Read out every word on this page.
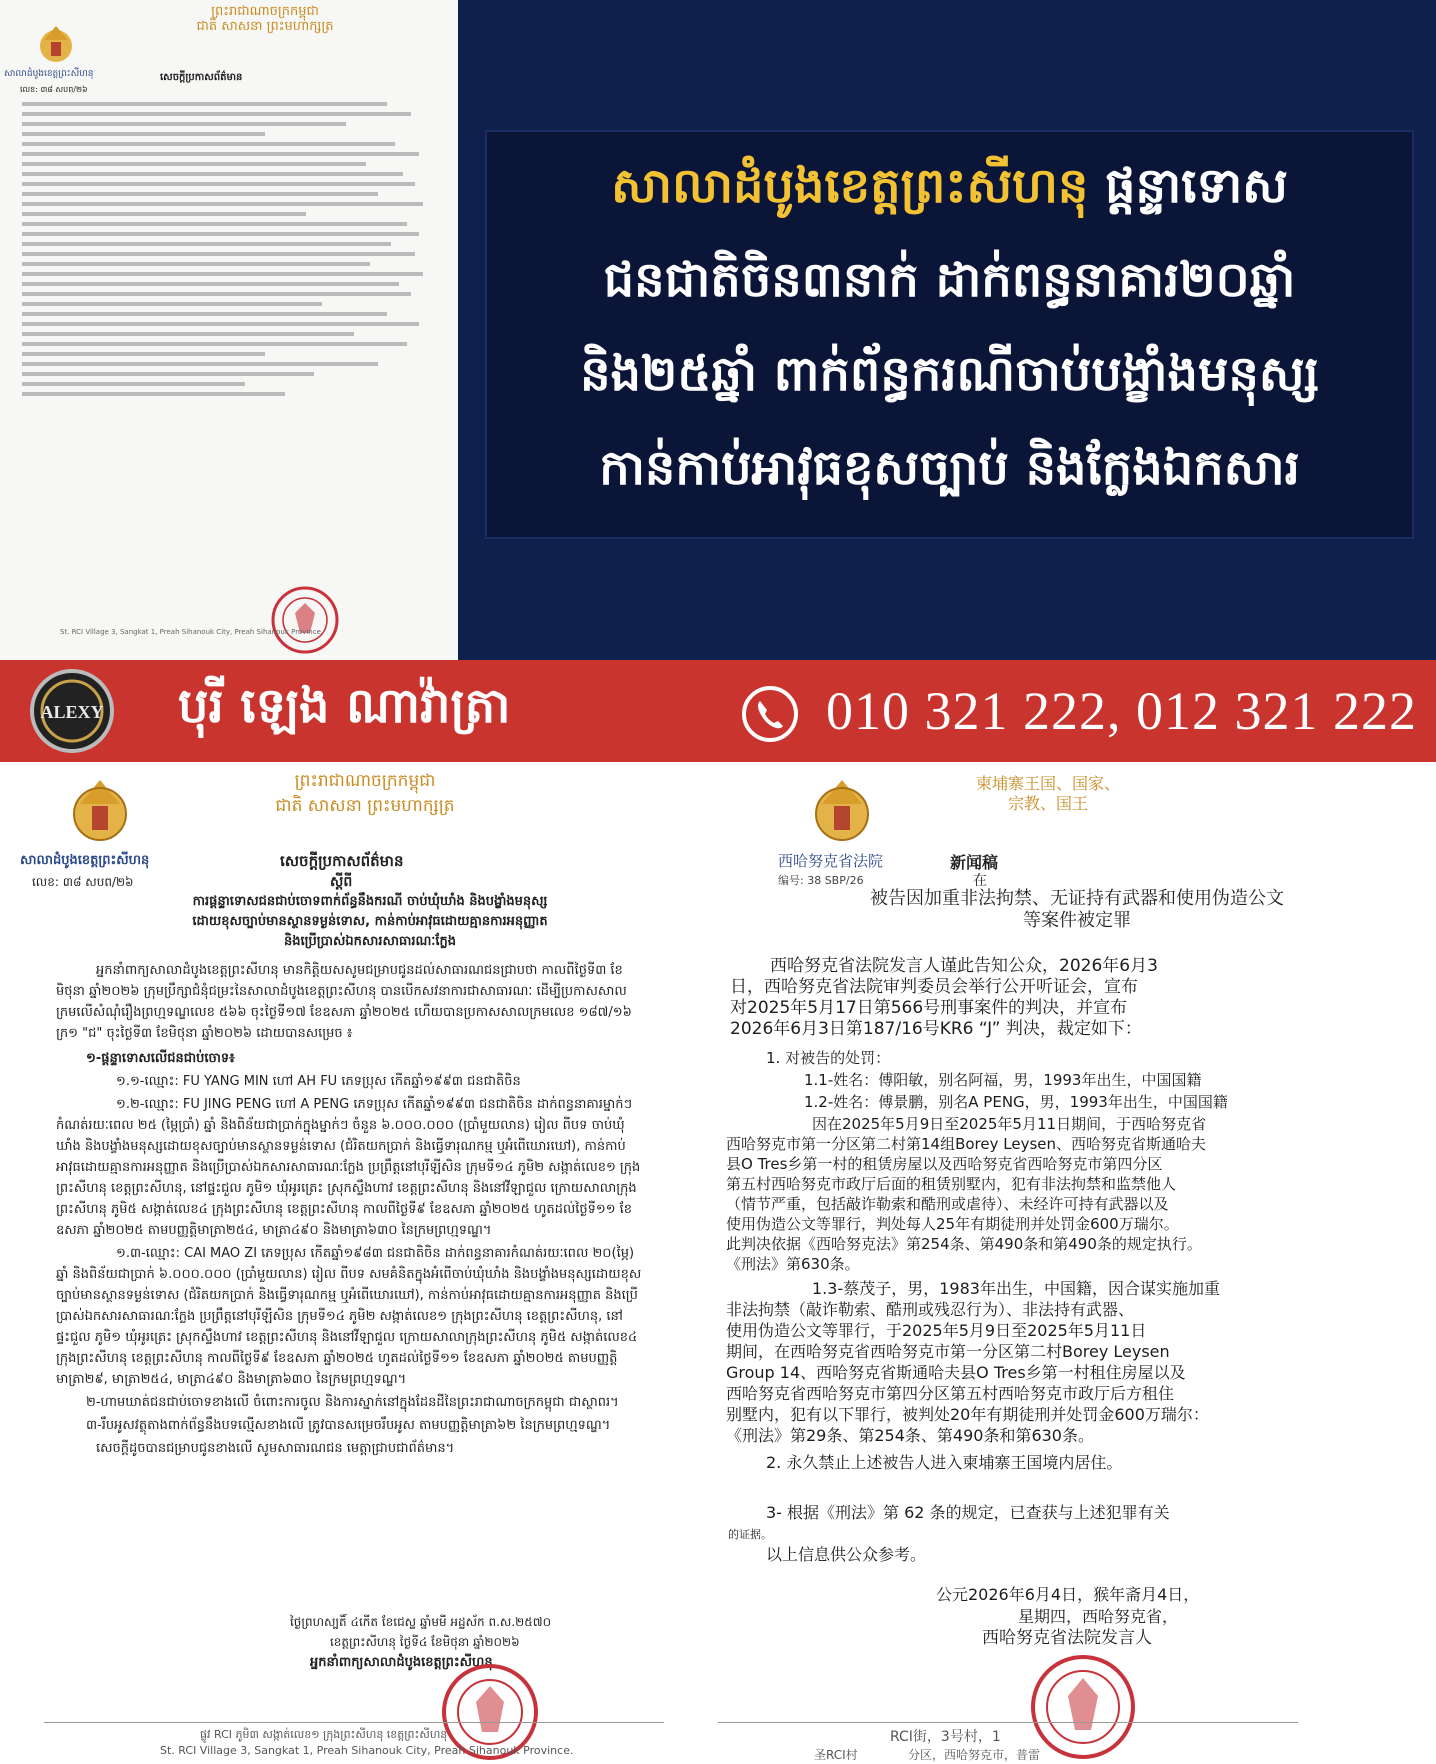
ព្រះរាជាណាចក្រកម្ពុជា
ជាតិ សាសនា ព្រះមហាក្សត្រ
សាលាដំបូងខេត្តព្រះសីហនុ	សេចក្តីប្រកាសព័ត៌មាន
លេខ: ៣៨ សបព/២៦
St. RCI Village 3, Sangkat 1, Preah Sihanouk City, Preah Sihanouk Province.
សាលាដំបូងខេត្តព្រះសីហនុ ផ្តន្ទាទោស
ជនជាតិចិន៣នាក់ ដាក់ពន្ធនាគារ២០ឆ្នាំ
និង២៥ឆ្នាំ ពាក់ព័ន្ធករណីចាប់បង្ខាំងមនុស្ស
កាន់កាប់អាវុធខុសច្បាប់ និងក្លែងឯកសារ
ALEXY បុរី ឡេង ណាវ៉ាត្រា	010 321 222, 012 321 222
ព្រះរាជាណាចក្រកម្ពុជា
ជាតិ សាសនា ព្រះមហាក្សត្រ
សាលាដំបូងខេត្តព្រះសីហនុ	សេចក្តីប្រកាសព័ត៌មាន
ស្តីពី
លេខ: ៣៨ សបព/២៦
ការផ្តន្ទាទោសជនជាប់ចោទពាក់ព័ន្ធនឹងករណី ចាប់ឃុំឃាំង និងបង្ខាំងមនុស្ស
ដោយខុសច្បាប់មានស្ថានទម្ងន់ទោស, កាន់កាប់អាវុធដោយគ្មានការអនុញ្ញាត
និងប្រើប្រាស់ឯកសារសាធារណៈក្លែង

អ្នកនាំពាក្យសាលាដំបូងខេត្តព្រះសីហនុ មានកិត្តិយសសូមជម្រាបជូនដល់សាធារណជនជ្រាបថា កាលពីថ្ងៃទី៣ ខែមិថុនា ឆ្នាំ២០២៦ ក្រុមប្រឹក្សាជំនុំជម្រះនៃសាលាដំបូងខេត្តព្រះសីហនុ បានបើកសវនាការជាសាធារណៈ ដើម្បីប្រកាសសាលក្រមលើសំណុំរឿងព្រហ្មទណ្ឌលេខ ៥៦៦ ចុះថ្ងៃទី១៧ ខែឧសភា ឆ្នាំ២០២៥ ហើយបានប្រកាសសាលក្រមលេខ ១៨៧/១៦ ក្រ១ "ជ" ចុះថ្ងៃទី៣ ខែមិថុនា ឆ្នាំ២០២៦ ដោយបានសម្រេច ៖

១-ផ្តន្ទាទោសលើជនជាប់ចោទ៖

១.១-ឈ្មោះ: FU YANG MIN ហៅ AH FU ភេទប្រុស កើតឆ្នាំ១៩៩៣ ជនជាតិចិន

១.២-ឈ្មោះ: FU JING PENG ហៅ A PENG ភេទប្រុស កើតឆ្នាំ១៩៩៣ ជនជាតិចិន ដាក់ពន្ធនាគារម្នាក់ៗ កំណត់រយៈពេល ២៥ (ម្ភៃប្រាំ) ឆ្នាំ និងពិន័យជាប្រាក់ក្នុងម្នាក់ៗ ចំនួន ៦.០០០.០០០ (ប្រាំមួយលាន) រៀល ពីបទ ចាប់ឃុំឃាំង និងបង្ខាំងមនុស្សដោយខុសច្បាប់មានស្ថានទម្ងន់ទោស (ជំរិតយកប្រាក់ និងធ្វើទារុណកម្ម ឬអំពើឃោរឃៅ), កាន់កាប់អាវុធដោយគ្មានការអនុញ្ញាត និងប្រើប្រាស់ឯកសារសាធារណៈក្លែង ប្រព្រឹត្តនៅបុរីឡីសិន ក្រុមទី១៤ ភូមិ២ សង្កាត់លេខ១ ក្រុងព្រះសីហនុ ខេត្តព្រះសីហនុ, នៅផ្ទះជួល ភូមិ១ ឃុំអូរត្រេះ ស្រុកស្ទឹងហាវ ខេត្តព្រះសីហនុ និងនៅវីឡាជួល ក្រោយសាលាក្រុងព្រះសីហនុ ភូមិ៥ សង្កាត់លេខ៤ ក្រុងព្រះសីហនុ ខេត្តព្រះសីហនុ កាលពីថ្ងៃទី៩ ខែឧសភា ឆ្នាំ២០២៥ ហូតដល់ថ្ងៃទី១១ ខែឧសភា ឆ្នាំ២០២៥ តាមបញ្ញត្តិមាត្រា២៥៤, មាត្រា៤៩០ និងមាត្រា៦៣០ នៃក្រមព្រហ្មទណ្ឌ។

១.៣-ឈ្មោះ: CAI MAO ZI ភេទប្រុស កើតឆ្នាំ១៩៨៣ ជនជាតិចិន ដាក់ពន្ធនាគារកំណត់រយៈពេល ២០(ម្ភៃ) ឆ្នាំ និងពិន័យជាប្រាក់ ៦.០០០.០០០ (ប្រាំមួយលាន) រៀល ពីបទ សមគំនិតក្នុងអំពើចាប់ឃុំឃាំង និងបង្ខាំងមនុស្សដោយខុសច្បាប់មានស្ថានទម្ងន់ទោស (ជំរិតយកប្រាក់ និងធ្វើទារុណកម្ម ឬអំពើឃោរឃៅ), កាន់កាប់អាវុធដោយគ្មានការអនុញ្ញាត និងប្រើប្រាស់ឯកសារសាធារណៈក្លែង ប្រព្រឹត្តនៅបុរីឡីសិន ក្រុមទី១៤ ភូមិ២ សង្កាត់លេខ១ ក្រុងព្រះសីហនុ ខេត្តព្រះសីហនុ, នៅផ្ទះជួល ភូមិ១ ឃុំអូរត្រេះ ស្រុកស្ទឹងហាវ ខេត្តព្រះសីហនុ និងនៅវីឡាជួល ក្រោយសាលាក្រុងព្រះសីហនុ ភូមិ៥ សង្កាត់លេខ៤ ក្រុងព្រះសីហនុ ខេត្តព្រះសីហនុ កាលពីថ្ងៃទី៩ ខែឧសភា ឆ្នាំ២០២៥ ហូតដល់ថ្ងៃទី១១ ខែឧសភា ឆ្នាំ២០២៥ តាមបញ្ញត្តិមាត្រា២៩, មាត្រា២៥៤, មាត្រា៤៩០ និងមាត្រា៦៣០ នៃក្រមព្រហ្មទណ្ឌ។

២-ហាមឃាត់ជនជាប់ចោទខាងលើ ចំពោះការចូល និងការស្នាក់នៅក្នុងដែនដីនៃព្រះរាជាណាចក្រកម្ពុជា ជាស្ថាពរ។

៣-រឹបអូសវត្ថុតាងពាក់ព័ន្ធនឹងបទល្មើសខាងលើ ត្រូវបានសម្រេចរឹបអូស តាមបញ្ញត្តិមាត្រា៦២ នៃក្រមព្រហ្មទណ្ឌ។

សេចក្តីដូចបានជម្រាបជូនខាងលើ សូមសាធារណជន មេត្តាជ្រាបជាព័ត៌មាន។

ថ្ងៃព្រហស្បតិ៍ ៤កើត ខែជេស្ឋ ឆ្នាំមមី អដ្ឋស័ក ព.ស.២៥៧០
ខេត្តព្រះសីហនុ ថ្ងៃទី៤ ខែមិថុនា ឆ្នាំ២០២៦
អ្នកនាំពាក្យសាលាដំបូងខេត្តព្រះសីហនុ
ផ្លូវ RCI ភូមិ៣ សង្កាត់លេខ១ ក្រុងព្រះសីហនុ ខេត្តព្រះសីហនុ
St. RCI Village 3, Sangkat 1, Preah Sihanouk City, Preah Sihanouk Province.
柬埔寨王国、国家、
宗教、国王
西哈努克省法院	新闻稿
编号: 38 SBP/26	在
被告因加重非法拘禁、无证持有武器和使用伪造公文
等案件被定罪
西哈努克省法院发言人谨此告知公众，2026年6月3
日，西哈努克省法院审判委员会举行公开听证会，宣布
对2025年5月17日第566号刑事案件的判决，并宣布
2026年6月3日第187/16号KR6 “J” 判决，裁定如下：
1. 对被告的处罚：
1.1-姓名：傅阳敏，别名阿福，男，1993年出生，中国国籍
1.2-姓名：傅景鹏，别名A PENG，男，1993年出生，中国国籍
因在2025年5月9日至2025年5月11日期间，于西哈努克省
西哈努克市第一分区第二村第14组Borey Leysen、西哈努克省斯通哈夫
县O Tres乡第一村的租赁房屋以及西哈努克省西哈努克市第四分区
第五村西哈努克市政厅后面的租赁别墅内，犯有非法拘禁和监禁他人
（情节严重，包括敲诈勒索和酷刑或虐待）、未经许可持有武器以及
使用伪造公文等罪行，判处每人25年有期徒刑并处罚金600万瑞尔。
此判决依据《西哈努克法》第254条、第490条和第490条的规定执行。
《刑法》第630条。
1.3-蔡茂子，男，1983年出生，中国籍，因合谋实施加重
非法拘禁（敲诈勒索、酷刑或残忍行为）、非法持有武器、
使用伪造公文等罪行，于2025年5月9日至2025年5月11日
期间，在西哈努克省西哈努克市第一分区第二村Borey Leysen
Group 14、西哈努克省斯通哈夫县O Tres乡第一村租住房屋以及
西哈努克省西哈努克市第四分区第五村西哈努克市政厅后方租住
别墅内，犯有以下罪行，被判处20年有期徒刑并处罚金600万瑞尔：
《刑法》第29条、第254条、第490条和第630条。
2. 永久禁止上述被告人进入柬埔寨王国境内居住。
3- 根据《刑法》第 62 条的规定，已查获与上述犯罪有关
的证据。
以上信息供公众参考。
公元2026年6月4日，猴年斋月4日，
星期四，西哈努克省，
西哈努克省法院发言人
RCI街，3号村，1
圣RCI村	分区，西哈努克市，普雷
